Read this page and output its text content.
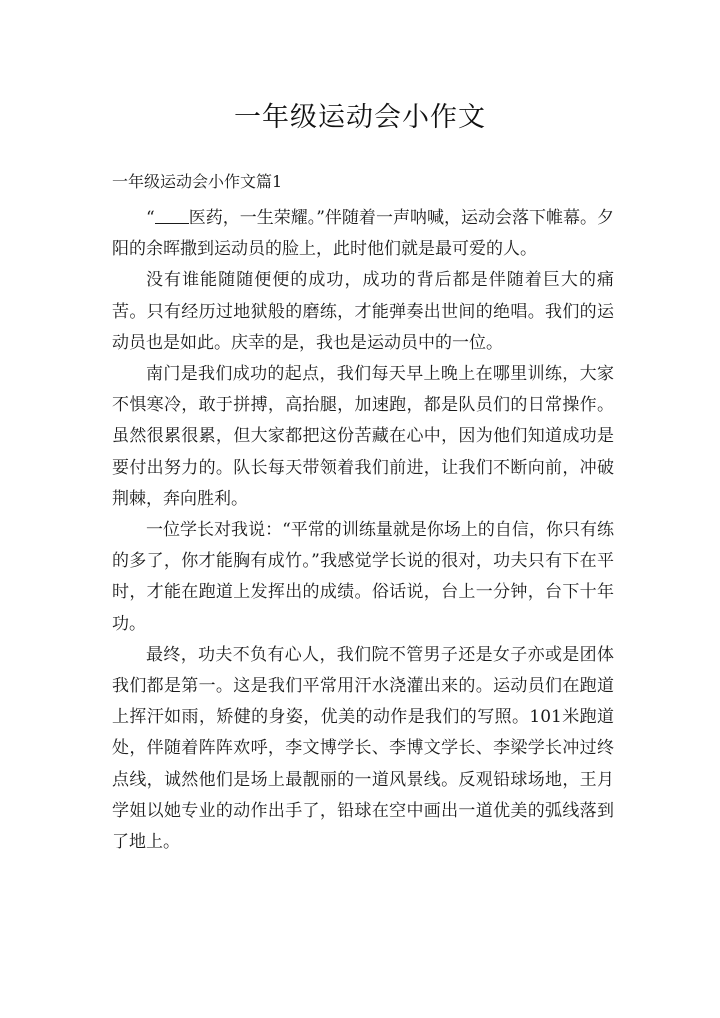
一年级运动会小作文

一年级运动会小作文篇1

“ 医药，一生荣耀。”伴随着一声呐喊，运动会落下帷幕。夕阳的余晖撒到运动员的脸上，此时他们就是最可爱的人。

没有谁能随随便便的成功，成功的背后都是伴随着巨大的痛苦。只有经历过地狱般的磨练，才能弹奏出世间的绝唱。我们的运动员也是如此。庆幸的是，我也是运动员中的一位。

南门是我们成功的起点，我们每天早上晚上在哪里训练，大家不惧寒冷，敢于拼搏，高抬腿，加速跑，都是队员们的日常操作。虽然很累很累，但大家都把这份苦藏在心中，因为他们知道成功是要付出努力的。队长每天带领着我们前进，让我们不断向前，冲破荆棘，奔向胜利。

一位学长对我说：“平常的训练量就是你场上的自信，你只有练的多了，你才能胸有成竹。”我感觉学长说的很对，功夫只有下在平时，才能在跑道上发挥出的成绩。俗话说，台上一分钟，台下十年功。

最终，功夫不负有心人，我们院不管男子还是女子亦或是团体我们都是第一。这是我们平常用汗水浇灌出来的。运动员们在跑道上挥汗如雨，矫健的身姿，优美的动作是我们的写照。101米跑道处，伴随着阵阵欢呼，李文博学长、李博文学长、李梁学长冲过终点线，诚然他们是场上最靓丽的一道风景线。反观铅球场地，王月学姐以她专业的动作出手了，铅球在空中画出一道优美的弧线落到了地上。
